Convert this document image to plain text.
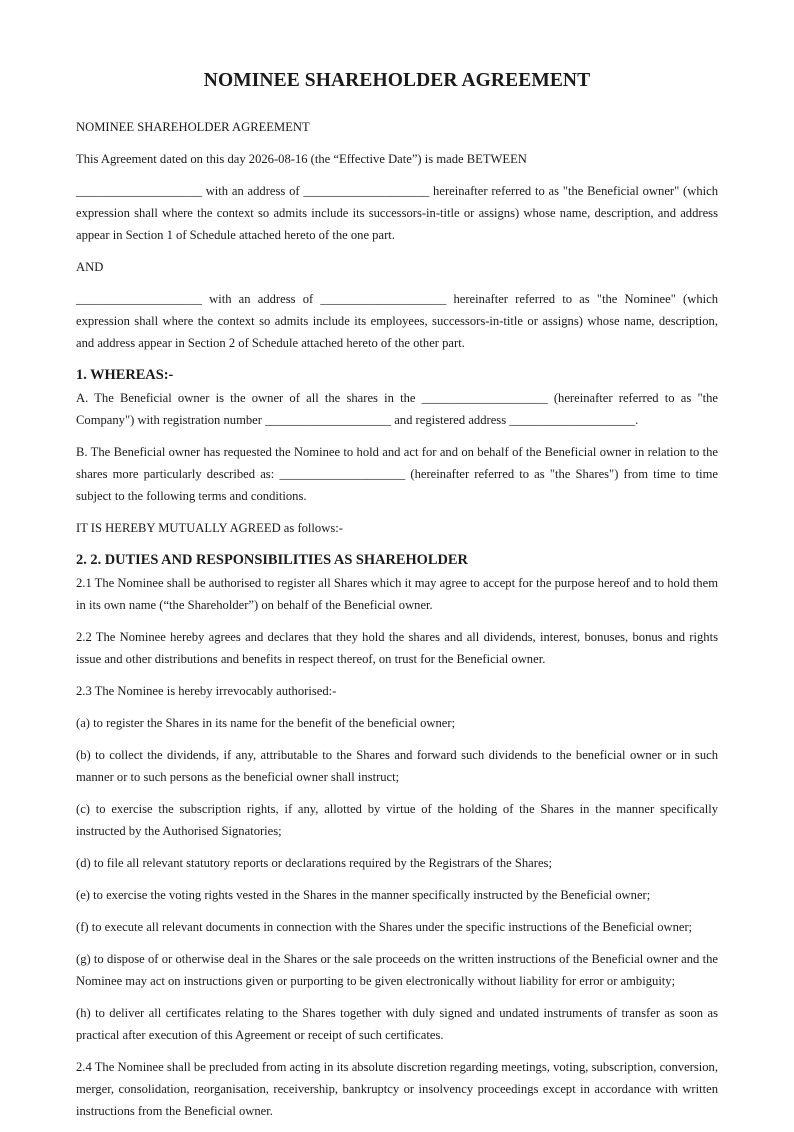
NOMINEE SHAREHOLDER AGREEMENT

NOMINEE SHAREHOLDER AGREEMENT

This Agreement dated on this day 2026-08-16 (the “Effective Date”) is made BETWEEN

____________________ with an address of ____________________ hereinafter referred to as "the Beneficial owner" (which expression shall where the context so admits include its successors-in-title or assigns) whose name, description, and address appear in Section 1 of Schedule attached hereto of the one part.

AND

____________________ with an address of ____________________ hereinafter referred to as "the Nominee" (which expression shall where the context so admits include its employees, successors-in-title or assigns) whose name, description, and address appear in Section 2 of Schedule attached hereto of the other part.

1. WHEREAS:-

A. The Beneficial owner is the owner of all the shares in the ____________________ (hereinafter referred to as "the Company") with registration number ____________________ and registered address ____________________.

B. The Beneficial owner has requested the Nominee to hold and act for and on behalf of the Beneficial owner in relation to the shares more particularly described as: ____________________ (hereinafter referred to as "the Shares") from time to time subject to the following terms and conditions.

IT IS HEREBY MUTUALLY AGREED as follows:-

2. 2. DUTIES AND RESPONSIBILITIES AS SHAREHOLDER

2.1 The Nominee shall be authorised to register all Shares which it may agree to accept for the purpose hereof and to hold them in its own name (“the Shareholder”) on behalf of the Beneficial owner.

2.2 The Nominee hereby agrees and declares that they hold the shares and all dividends, interest, bonuses, bonus and rights issue and other distributions and benefits in respect thereof, on trust for the Beneficial owner.

2.3 The Nominee is hereby irrevocably authorised:-

(a) to register the Shares in its name for the benefit of the beneficial owner;

(b) to collect the dividends, if any, attributable to the Shares and forward such dividends to the beneficial owner or in such manner or to such persons as the beneficial owner shall instruct;

(c) to exercise the subscription rights, if any, allotted by virtue of the holding of the Shares in the manner specifically instructed by the Authorised Signatories;

(d) to file all relevant statutory reports or declarations required by the Registrars of the Shares;

(e) to exercise the voting rights vested in the Shares in the manner specifically instructed by the Beneficial owner;

(f) to execute all relevant documents in connection with the Shares under the specific instructions of the Beneficial owner;

(g) to dispose of or otherwise deal in the Shares or the sale proceeds on the written instructions of the Beneficial owner and the Nominee may act on instructions given or purporting to be given electronically without liability for error or ambiguity;

(h) to deliver all certificates relating to the Shares together with duly signed and undated instruments of transfer as soon as practical after execution of this Agreement or receipt of such certificates.

2.4 The Nominee shall be precluded from acting in its absolute discretion regarding meetings, voting, subscription, conversion, merger, consolidation, reorganisation, receivership, bankruptcy or insolvency proceedings except in accordance with written instructions from the Beneficial owner.
